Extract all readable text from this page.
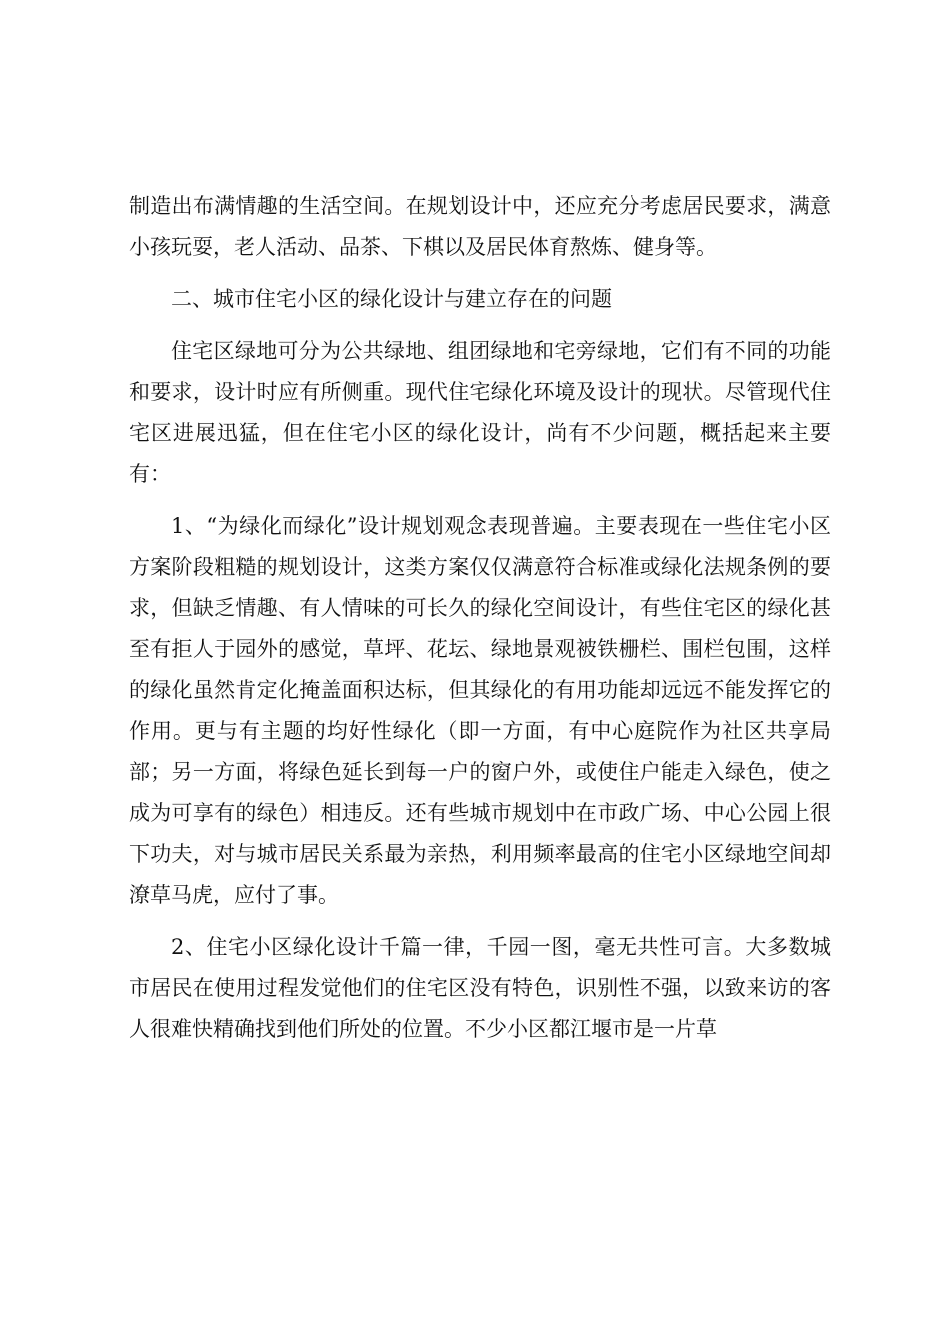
制造出布满情趣的生活空间。在规划设计中，还应充分考虑居民要求，满意小孩玩耍，老人活动、品茶、下棋以及居民体育熬炼、健身等。

二、城市住宅小区的绿化设计与建立存在的问题

住宅区绿地可分为公共绿地、组团绿地和宅旁绿地，它们有不同的功能和要求，设计时应有所侧重。现代住宅绿化环境及设计的现状。尽管现代住宅区进展迅猛，但在住宅小区的绿化设计，尚有不少问题，概括起来主要有：

1、“为绿化而绿化”设计规划观念表现普遍。主要表现在一些住宅小区方案阶段粗糙的规划设计，这类方案仅仅满意符合标准或绿化法规条例的要求，但缺乏情趣、有人情味的可长久的绿化空间设计，有些住宅区的绿化甚至有拒人于园外的感觉，草坪、花坛、绿地景观被铁栅栏、围栏包围，这样的绿化虽然肯定化掩盖面积达标，但其绿化的有用功能却远远不能发挥它的作用。更与有主题的均好性绿化（即一方面，有中心庭院作为社区共享局部；另一方面，将绿色延长到每一户的窗户外，或使住户能走入绿色，使之成为可享有的绿色）相违反。还有些城市规划中在市政广场、中心公园上很下功夫，对与城市居民关系最为亲热，利用频率最高的住宅小区绿地空间却潦草马虎，应付了事。

2、住宅小区绿化设计千篇一律，千园一图，毫无共性可言。大多数城市居民在使用过程发觉他们的住宅区没有特色，识别性不强，以致来访的客人很难快精确找到他们所处的位置。不少小区都江堰市是一片草
